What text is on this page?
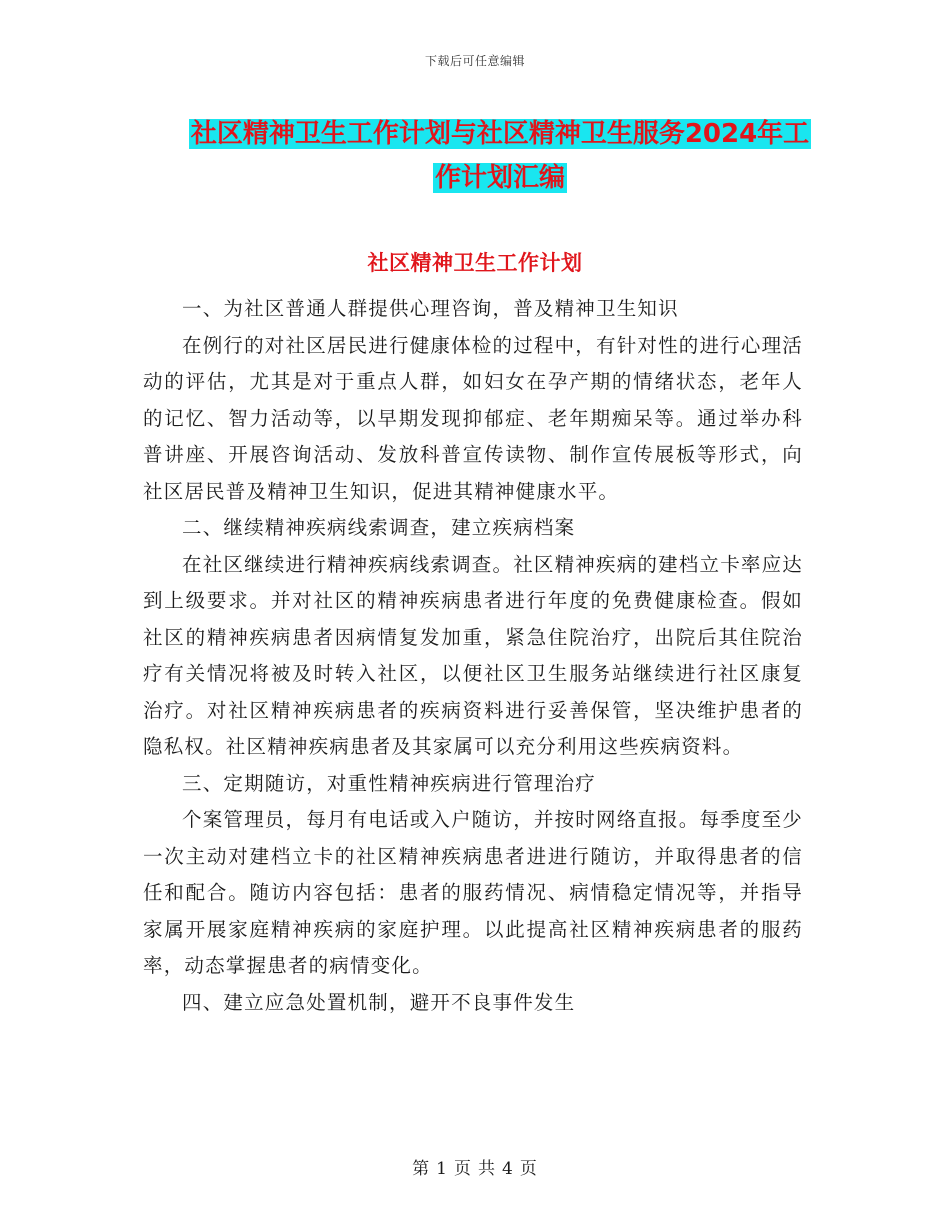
下载后可任意编辑
社区精神卫生工作计划与社区精神卫生服务2024年工
作计划汇编
社区精神卫生工作计划

一、为社区普通人群提供心理咨询，普及精神卫生知识

在例行的对社区居民进行健康体检的过程中，有针对性的进行心理活动的评估，尤其是对于重点人群，如妇女在孕产期的情绪状态，老年人的记忆、智力活动等，以早期发现抑郁症、老年期痴呆等。通过举办科普讲座、开展咨询活动、发放科普宣传读物、制作宣传展板等形式，向社区居民普及精神卫生知识，促进其精神健康水平。

二、继续精神疾病线索调查，建立疾病档案

在社区继续进行精神疾病线索调查。社区精神疾病的建档立卡率应达到上级要求。并对社区的精神疾病患者进行年度的免费健康检查。假如社区的精神疾病患者因病情复发加重，紧急住院治疗，出院后其住院治疗有关情况将被及时转入社区，以便社区卫生服务站继续进行社区康复治疗。对社区精神疾病患者的疾病资料进行妥善保管，坚决维护患者的隐私权。社区精神疾病患者及其家属可以充分利用这些疾病资料。

三、定期随访，对重性精神疾病进行管理治疗

个案管理员，每月有电话或入户随访，并按时网络直报。每季度至少一次主动对建档立卡的社区精神疾病患者进进行随访，并取得患者的信任和配合。随访内容包括：患者的服药情况、病情稳定情况等，并指导家属开展家庭精神疾病的家庭护理。以此提高社区精神疾病患者的服药率，动态掌握患者的病情变化。

四、建立应急处置机制，避开不良事件发生

第 1 页 共 4 页
